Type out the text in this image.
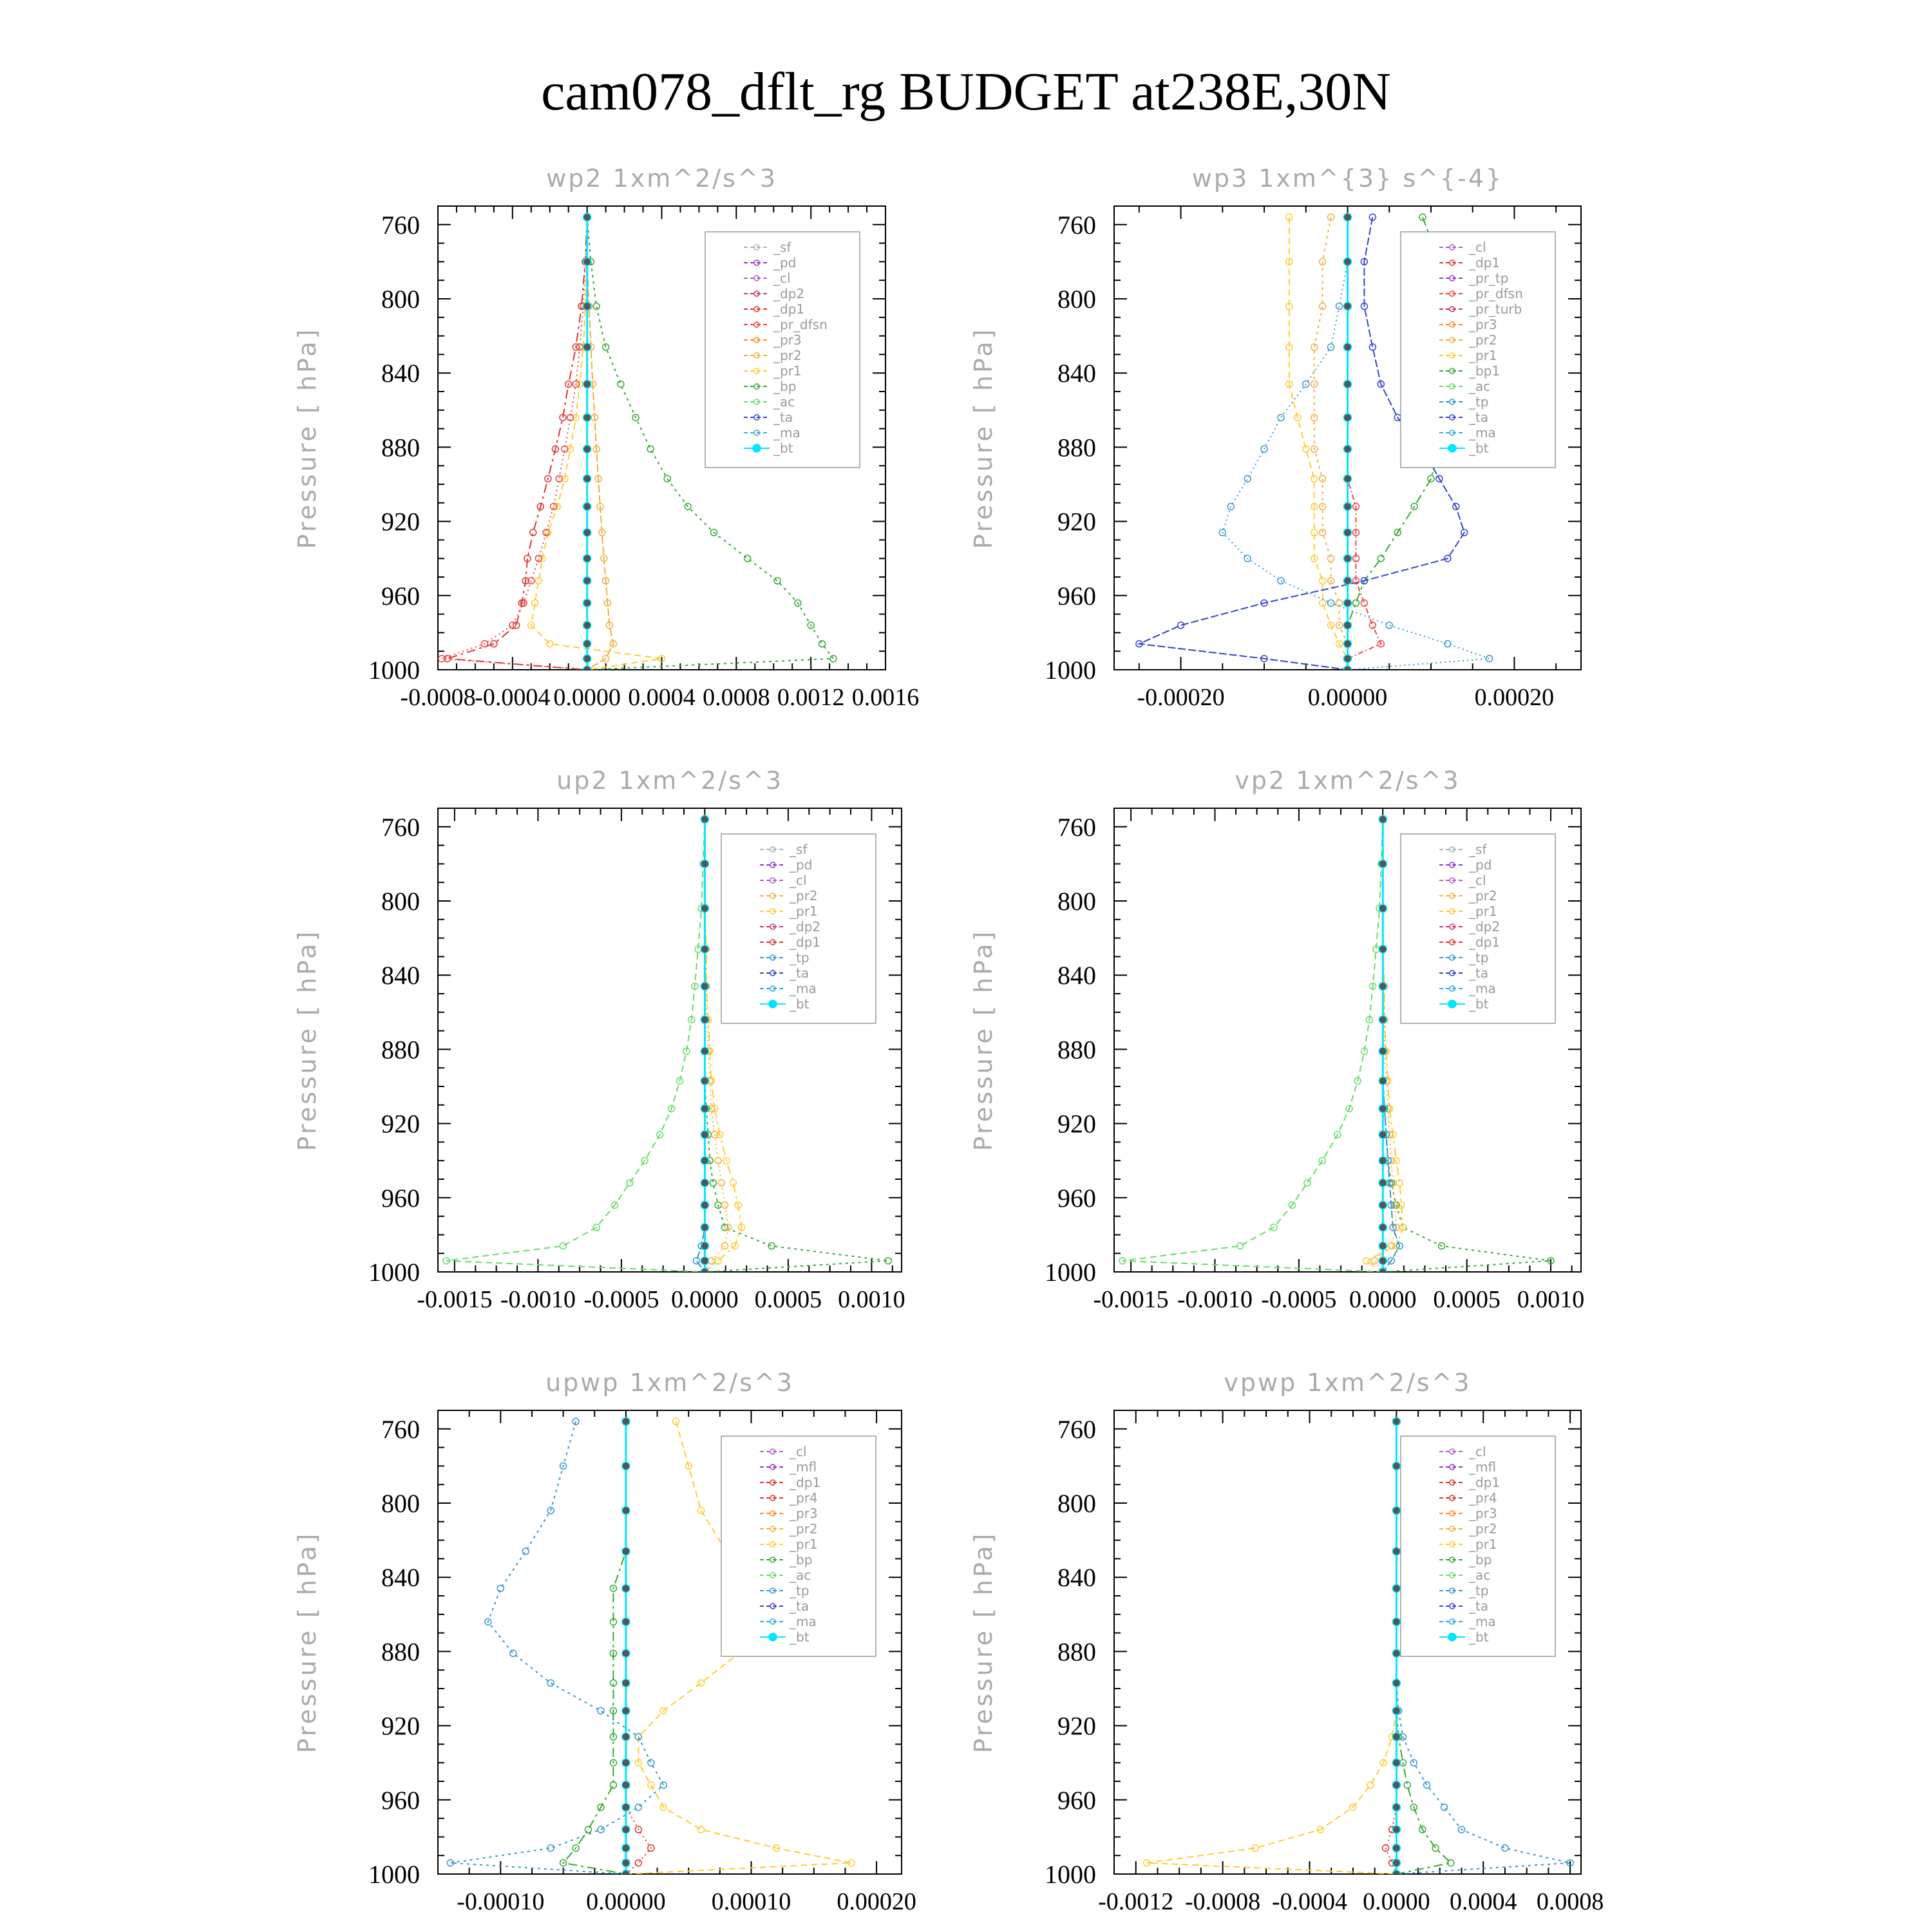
cam078_dflt_rg BUDGET at238E,30N
wp2 1xm^2/s^3
Pressure [ hPa]
760
800
840
880
920
960
1000
-0.0008
-0.0004 0.0000 0.0004 0.0008 0.0012 0.0016
_sf
_pd
_cl
_dp2
_dp1
_pr_dfsn
_pr3
_pr2
_pr1
_bp
_ac
_ta
_ma
_bt
wp3 1xm^{3} s^{-4}
Pressure [ hPa]
760
800
840
880
920
960
1000
-0.00020	0.00000	0.00020
_cl
_dp1
_pr_tp
_pr_dfsn
_pr_turb
_pr3
_pr2
_pr1
_bp1
_ac
_tp
_ta
_ma
_bt
up2 1xm^2/s^3
Pressure [ hPa]
760
800
840
880
920
960
1000
-0.0015 -0.0010 -0.0005 0.0000 0.0005 0.0010
_sf
_pd
_cl
_pr2
_pr1
_dp2
_dp1
_tp
_ta
_ma
_bt
vp2 1xm^2/s^3
Pressure [ hPa]
760
800
840
880
920
960
1000
-0.0015 -0.0010 -0.0005 0.0000 0.0005 0.0010
_sf
_pd
_cl
_pr2
_pr1
_dp2
_dp1
_tp
_ta
_ma
_bt
upwp 1xm^2/s^3
Pressure [ hPa]
760
800
840
880
920
960
1000
-0.00010 0.00000 0.00010 0.00020
_cl
_mfl
_dp1
_pr4
_pr3
_pr2
_pr1
_bp
_ac
_tp
_ta
_ma
_bt
vpwp 1xm^2/s^3
Pressure [ hPa]
760
800
840
880
920
960
1000
-0.0012 -0.0008 -0.0004 0.0000 0.0004 0.0008
_cl
_mfl
_dp1
_pr4
_pr3
_pr2
_pr1
_bp
_ac
_tp
_ta
_ma
_bt
